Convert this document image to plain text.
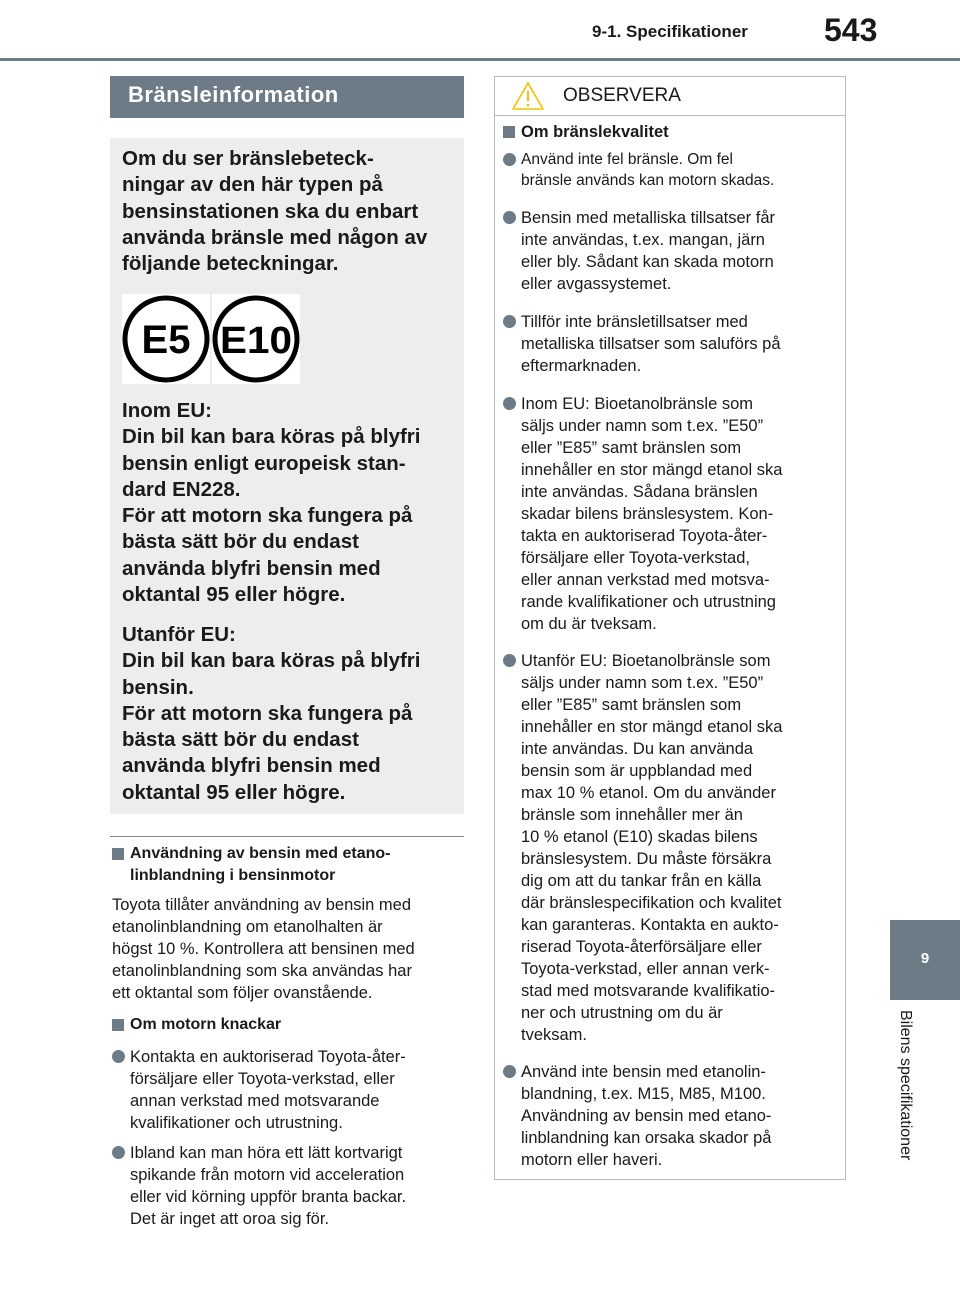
9-1. Specifikationer 543
9
Bilens specifikationer
Bränsleinformation
Om du ser bränslebeteck-
ningar av den här typen på
bensinstationen ska du enbart
använda bränsle med någon av
följande beteckningar.
E5 E10
Inom EU:
Din bil kan bara köras på blyfri
bensin enligt europeisk stan-
dard EN228.
För att motorn ska fungera på
bästa sätt bör du endast
använda blyfri bensin med
oktantal 95 eller högre.
Utanför EU:
Din bil kan bara köras på blyfri
bensin.
För att motorn ska fungera på
bästa sätt bör du endast
använda blyfri bensin med
oktantal 95 eller högre.
Användning av bensin med etano-
linblandning i bensinmotor
Toyota tillåter användning av bensin med
etanolinblandning om etanolhalten är
högst 10 %. Kontrollera att bensinen med
etanolinblandning som ska användas har
ett oktantal som följer ovanstående.
Om motorn knackar
Kontakta en auktoriserad Toyota-åter-
försäljare eller Toyota-verkstad, eller
annan verkstad med motsvarande
kvalifikationer och utrustning.
Ibland kan man höra ett lätt kortvarigt
spikande från motorn vid acceleration
eller vid körning uppför branta backar.
Det är inget att oroa sig för.
OBSERVERA
Om bränslekvalitet
Använd inte fel bränsle. Om fel
bränsle används kan motorn skadas.
Bensin med metalliska tillsatser får
inte användas, t.ex. mangan, järn
eller bly. Sådant kan skada motorn
eller avgassystemet.
Tillför inte bränsletillsatser med
metalliska tillsatser som saluförs på
eftermarknaden.
Inom EU: Bioetanolbränsle som
säljs under namn som t.ex. ”E50”
eller ”E85” samt bränslen som
innehåller en stor mängd etanol ska
inte användas. Sådana bränslen
skadar bilens bränslesystem. Kon-
takta en auktoriserad Toyota-åter-
försäljare eller Toyota-verkstad,
eller annan verkstad med motsva-
rande kvalifikationer och utrustning
om du är tveksam.
Utanför EU: Bioetanolbränsle som
säljs under namn som t.ex. ”E50”
eller ”E85” samt bränslen som
innehåller en stor mängd etanol ska
inte användas. Du kan använda
bensin som är uppblandad med
max 10 % etanol. Om du använder
bränsle som innehåller mer än
10 % etanol (E10) skadas bilens
bränslesystem. Du måste försäkra
dig om att du tankar från en källa
där bränslespecifikation och kvalitet
kan garanteras. Kontakta en aukto-
riserad Toyota-återförsäljare eller
Toyota-verkstad, eller annan verk-
stad med motsvarande kvalifikatio-
ner och utrustning om du är
tveksam.
Använd inte bensin med etanolin-
blandning, t.ex. M15, M85, M100.
Användning av bensin med etano-
linblandning kan orsaka skador på
motorn eller haveri.
